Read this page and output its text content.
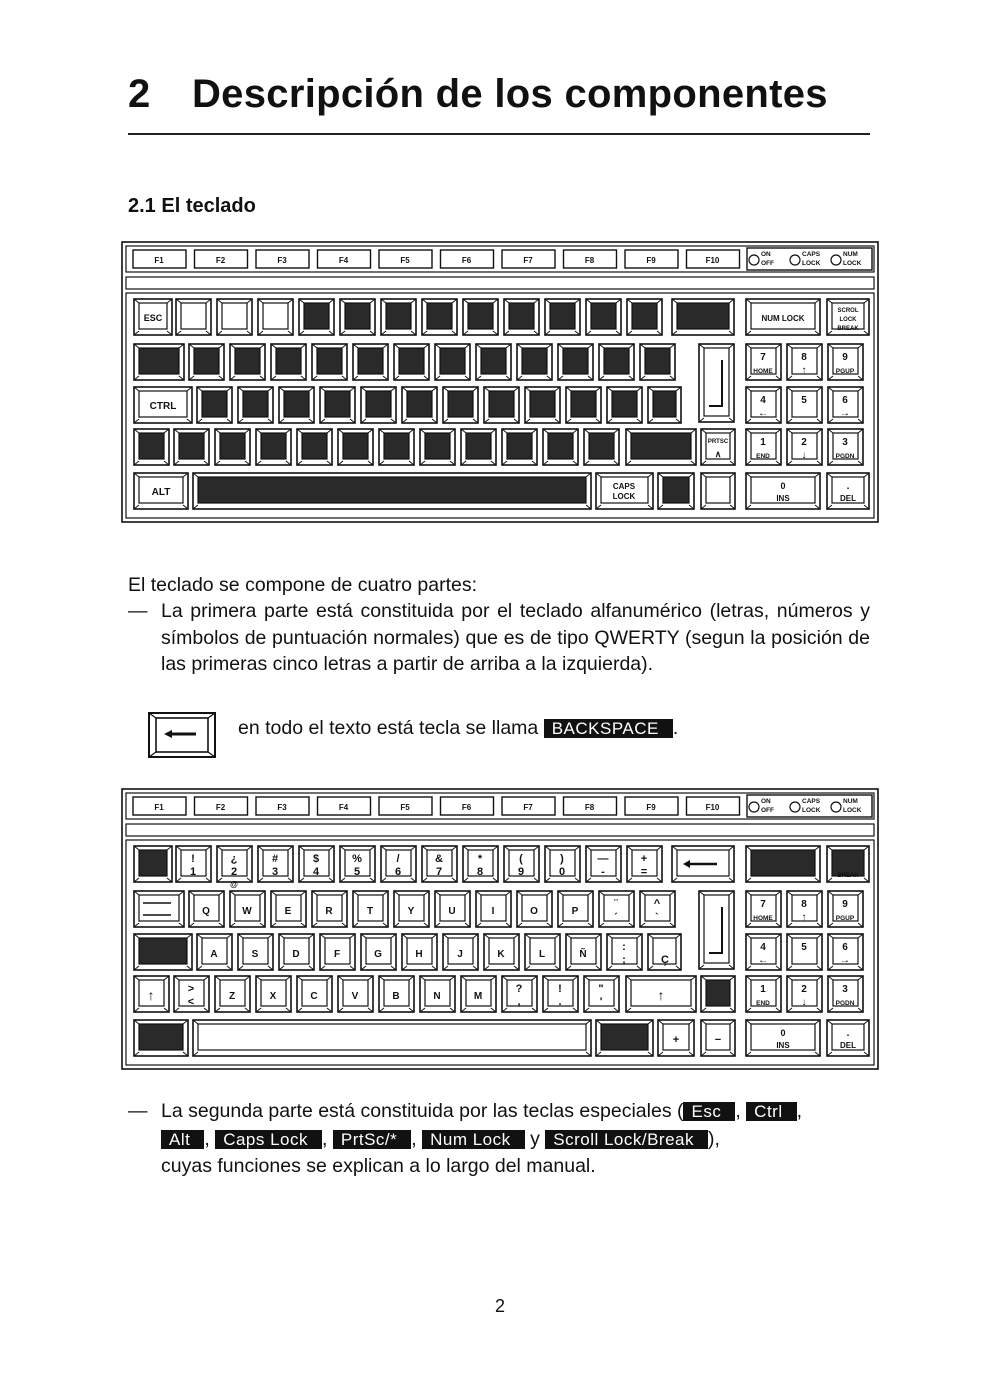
2 Descripción de los componentes
2.1 El teclado
F1	F2	F3	F4	F5	F6	F7	F8	F9	F10
ON
OFF
CAPS
LOCK
NUM
LOCK
ESC	NUM LOCK
SCROL
LOCK
BREAK
CTRL
PRTSC
∧
ALT
CAPS
LOCK
7
HOME
8
↑
9
PGUP
4
←
5	6
→
1
END
2
↓
3
PGDN
0
INS
.
DEL
El teclado se compone de cuatro partes:
— La primera parte está constituida por el teclado alfanumérico (letras, números y símbolos de puntuación normales) que es de tipo QWERTY (segun la posición de las primeras cinco letras a partir de arriba a la izquierda).
en todo el texto está tecla se llama BACKSPACE .
F1	F2	F3	F4	F5	F6	F7	F8	F9	F10
ON
OFF
CAPS
LOCK
NUM
LOCK
!
1
¿
2
@
#
3
$
4
%
5
/
6
&
7
*
8
(
9
)
0
—
-
+
=	BREAK
Q	W	E	R	T	Y	U	I	O	P
¨
´
^
`
A	S	D	F	G	H	J	K	L	Ñ
:
;	Ç
↑	>
<	Z	X	C	V	B	N	M
?
,
!
.
"
'	↑
+	−
7
HOME
8
↑
9
PGUP
4
←
5	6
→
1
END
2
↓
3
PGDN
0
INS
.
DEL
— La segunda parte está constituida por las teclas especiales ( Esc , Ctrl ,
Alt , Caps Lock , PrtSc/* , Num Lock y Scroll Lock/Break ),
cuyas funciones se explican a lo largo del manual.
2
